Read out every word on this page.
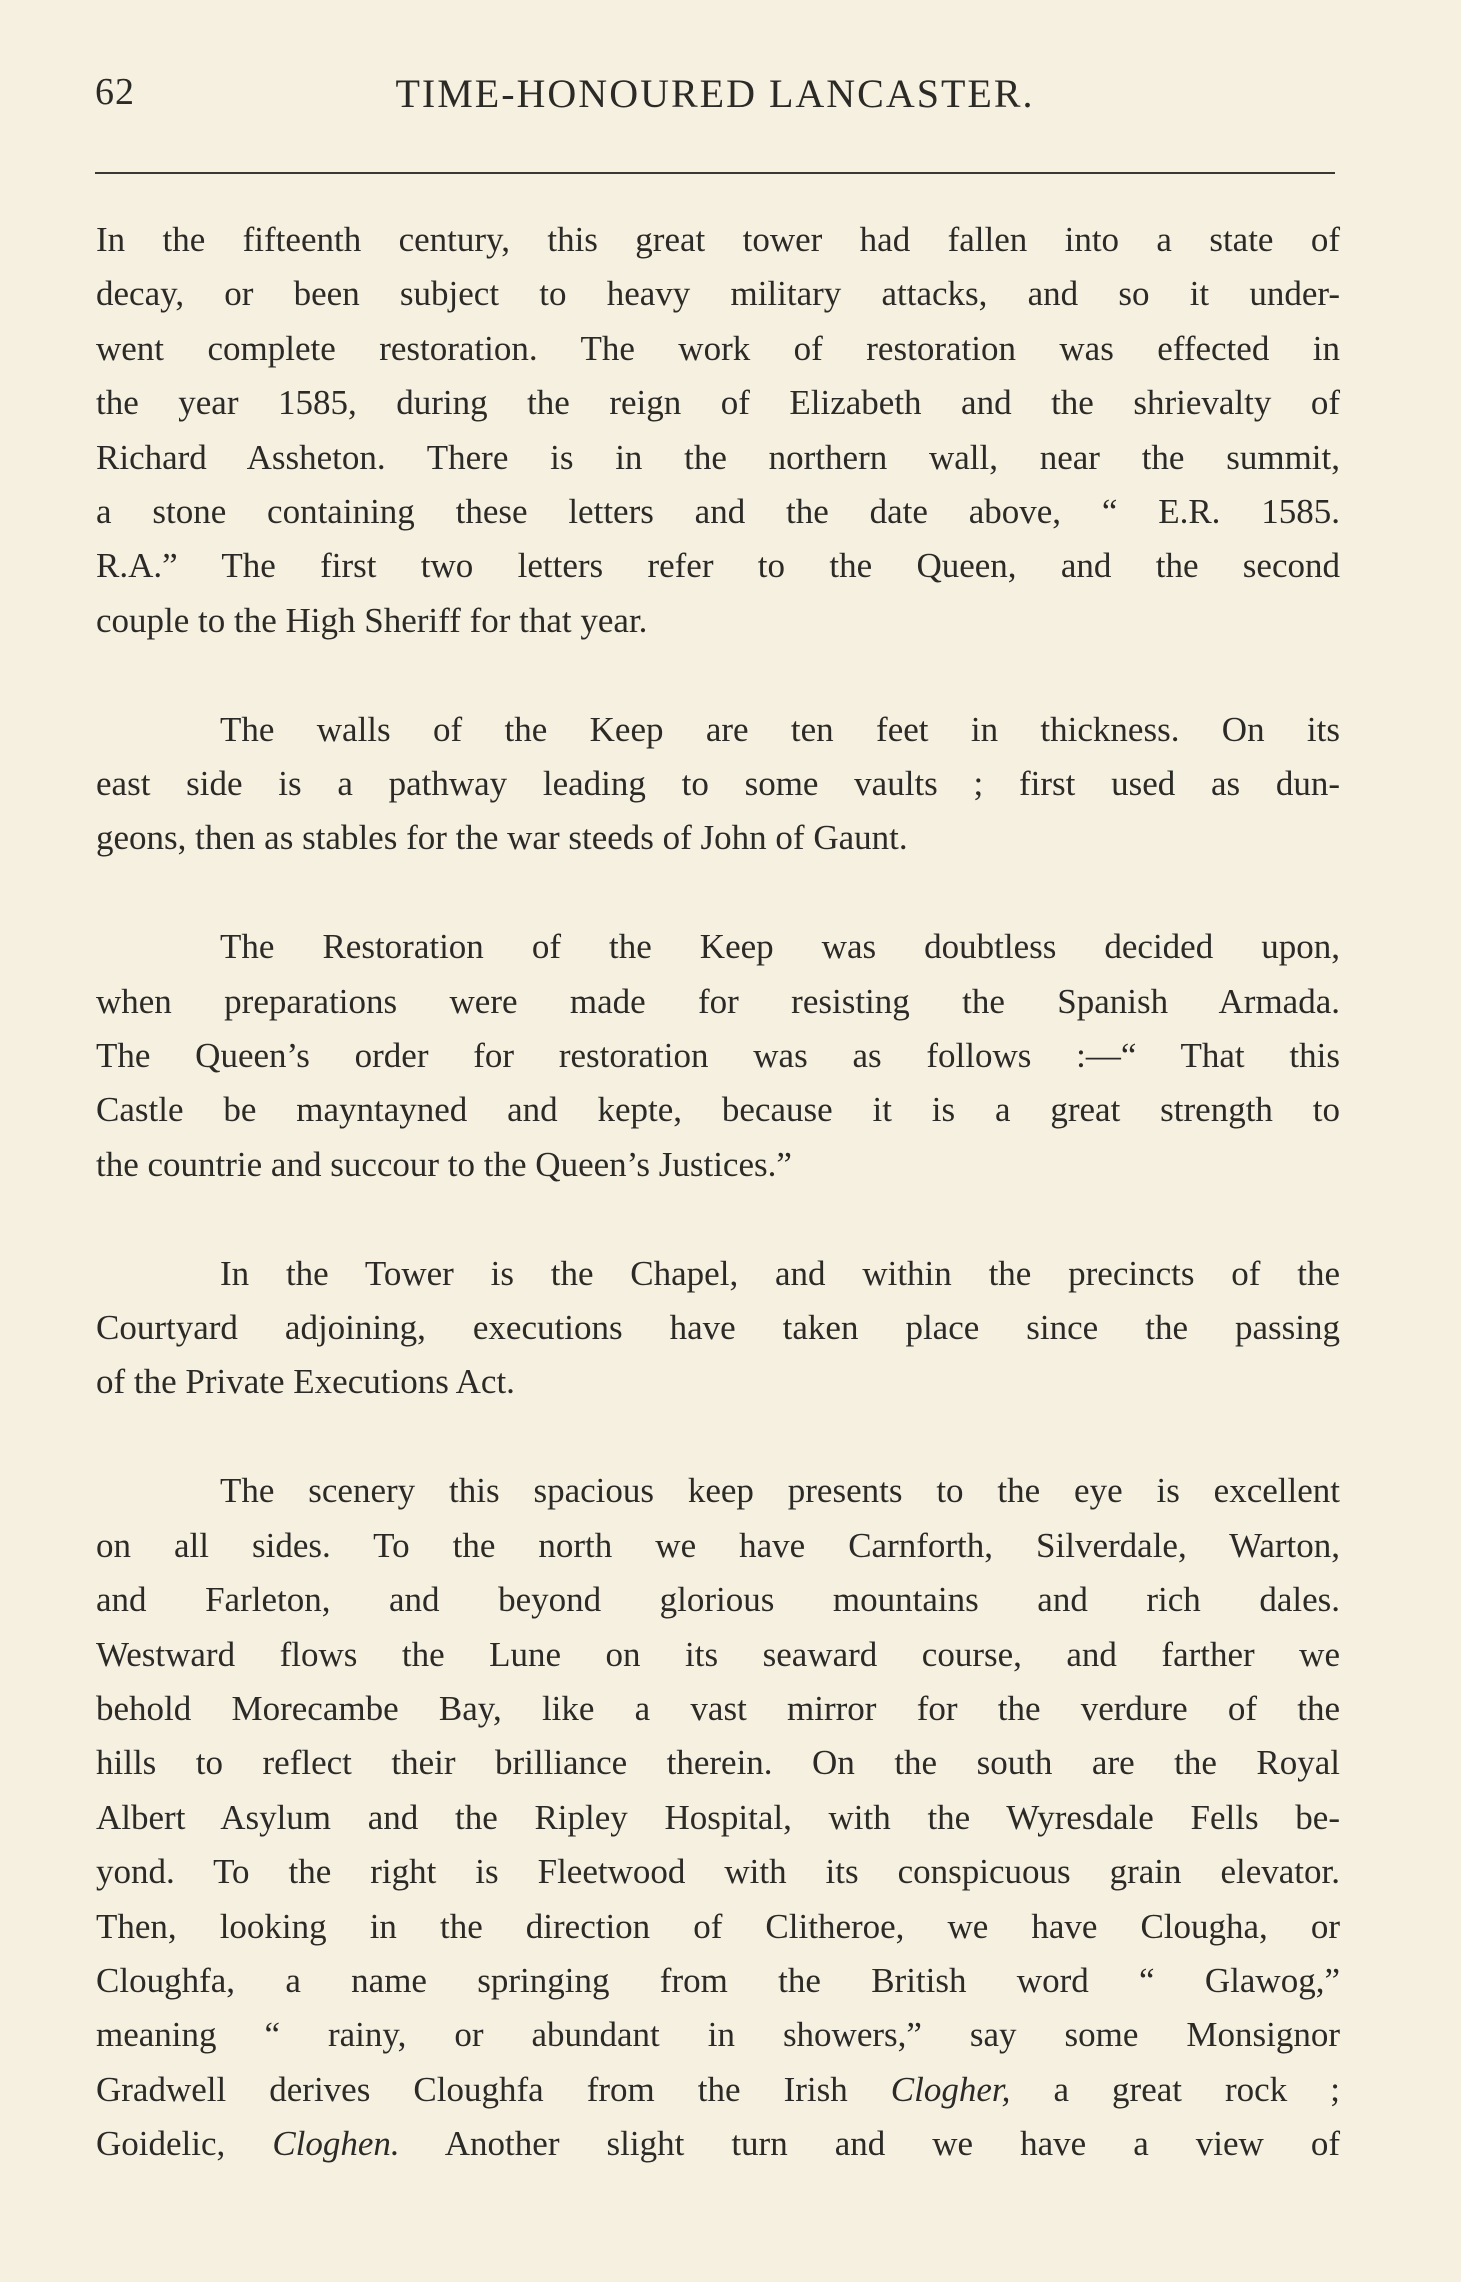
62	TIME-HONOURED LANCASTER.
In the fifteenth century, this great tower had fallen into a state of
decay, or been subject to heavy military attacks, and so it under-
went complete restoration. The work of restoration was effected in
the year 1585, during the reign of Elizabeth and the shrievalty of
Richard Assheton. There is in the northern wall, near the summit,
a stone containing these letters and the date above, “ E.R. 1585.
R.A.” The first two letters refer to the Queen, and the second
couple to the High Sheriff for that year.
The walls of the Keep are ten feet in thickness. On its
east side is a pathway leading to some vaults ; first used as dun-
geons, then as stables for the war steeds of John of Gaunt.
The Restoration of the Keep was doubtless decided upon,
when preparations were made for resisting the Spanish Armada.
The Queen’s order for restoration was as follows :—“ That this
Castle be mayntayned and kepte, because it is a great strength to
the countrie and succour to the Queen’s Justices.”
In the Tower is the Chapel, and within the precincts of the
Courtyard adjoining, executions have taken place since the passing
of the Private Executions Act.
The scenery this spacious keep presents to the eye is excellent
on all sides. To the north we have Carnforth, Silverdale, Warton,
and Farleton, and beyond glorious mountains and rich dales.
Westward flows the Lune on its seaward course, and farther we
behold Morecambe Bay, like a vast mirror for the verdure of the
hills to reflect their brilliance therein. On the south are the Royal
Albert Asylum and the Ripley Hospital, with the Wyresdale Fells be-
yond. To the right is Fleetwood with its conspicuous grain elevator.
Then, looking in the direction of Clitheroe, we have Clougha, or
Cloughfa, a name springing from the British word “ Glawog,”
meaning “ rainy, or abundant in showers,” say some Monsignor
Gradwell derives Cloughfa from the Irish Clogher, a great rock ;
Goidelic, Cloghen. Another slight turn and we have a view of
